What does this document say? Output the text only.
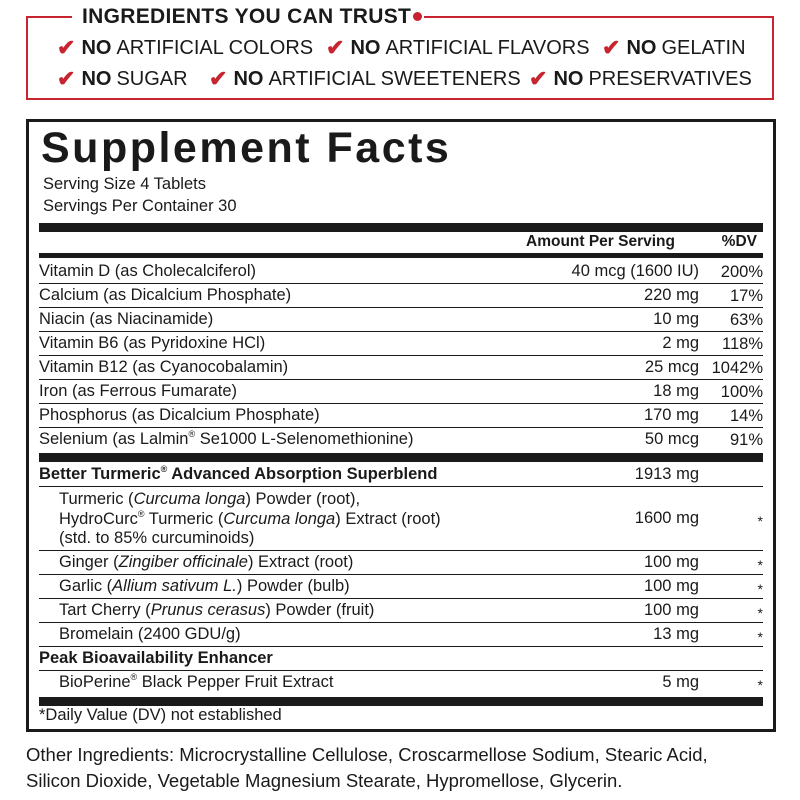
INGREDIENTS YOU CAN TRUST
✔ NO ARTIFICIAL COLORS ✔ NO ARTIFICIAL FLAVORS ✔ NO GELATIN
✔ NO SUGAR ✔ NO ARTIFICIAL SWEETENERS ✔ NO PRESERVATIVES
Supplement Facts
Serving Size 4 Tablets
Servings Per Container 30
Amount Per Serving	%DV
Vitamin D (as Cholecalciferol)	40 mcg (1600 IU) 200%
Calcium (as Dicalcium Phosphate)	220 mg 17%
Niacin (as Niacinamide)	10 mg 63%
Vitamin B6 (as Pyridoxine HCl)	2 mg 118%
Vitamin B12 (as Cyanocobalamin)	25 mcg 1042%
Iron (as Ferrous Fumarate)	18 mg 100%
Phosphorus (as Dicalcium Phosphate)	170 mg 14%
Selenium (as Lalmin® Se1000 L-Selenomethionine)	50 mcg 91%
Better Turmeric® Advanced Absorption Superblend	1913 mg
Turmeric (Curcuma longa) Powder (root),
HydroCurc® Turmeric (Curcuma longa) Extract (root)
(std. to 85% curcuminoids)
1600 mg	*
Ginger (Zingiber officinale) Extract (root)	100 mg	*
Garlic (Allium sativum L.) Powder (bulb)	100 mg	*
Tart Cherry (Prunus cerasus) Powder (fruit)	100 mg	*
Bromelain (2400 GDU/g)	13 mg	*
Peak Bioavailability Enhancer
BioPerine® Black Pepper Fruit Extract	5 mg	*
*Daily Value (DV) not established
Other Ingredients: Microcrystalline Cellulose, Croscarmellose Sodium, Stearic Acid,
Silicon Dioxide, Vegetable Magnesium Stearate, Hypromellose, Glycerin.
